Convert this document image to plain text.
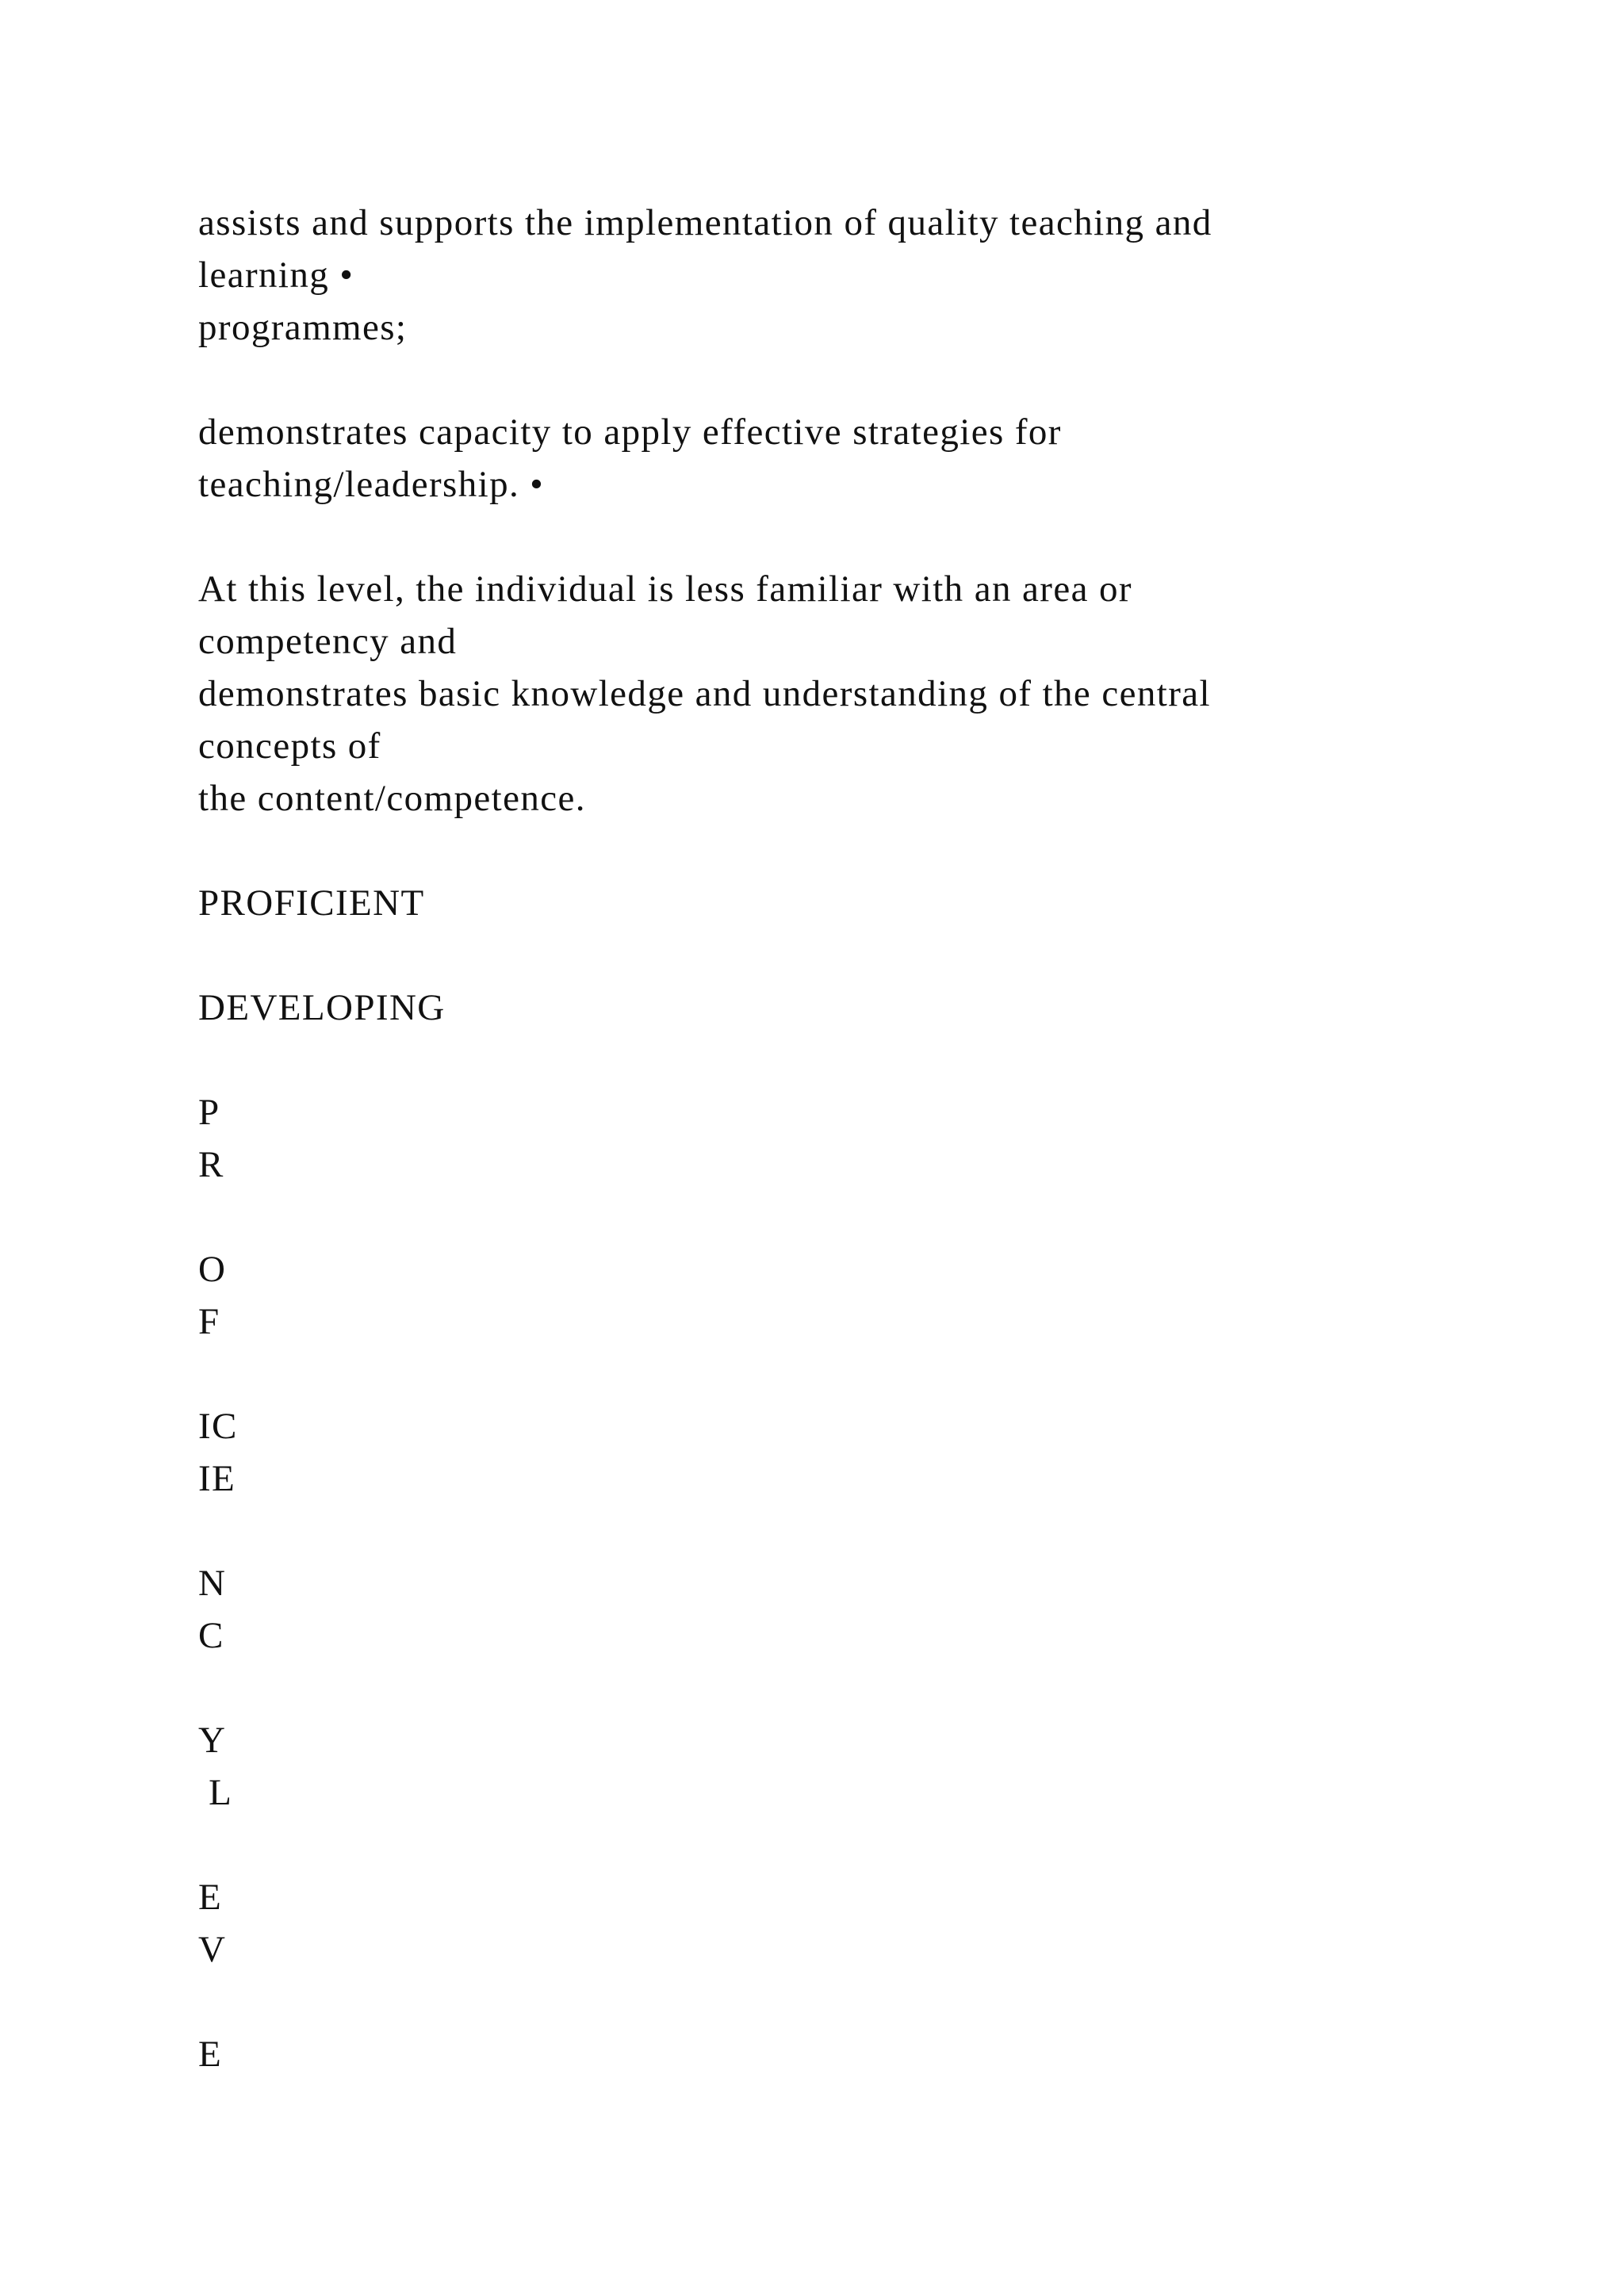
assists and supports the implementation of quality teaching and
learning •
programmes;
demonstrates capacity to apply effective strategies for
teaching/leadership. •
At this level, the individual is less familiar with an area or
competency and
demonstrates basic knowledge and understanding of the central
concepts of
the content/competence.
PROFICIENT
DEVELOPING
P
R
O
F
IC
IE
N
C
Y
L
E
V
E
